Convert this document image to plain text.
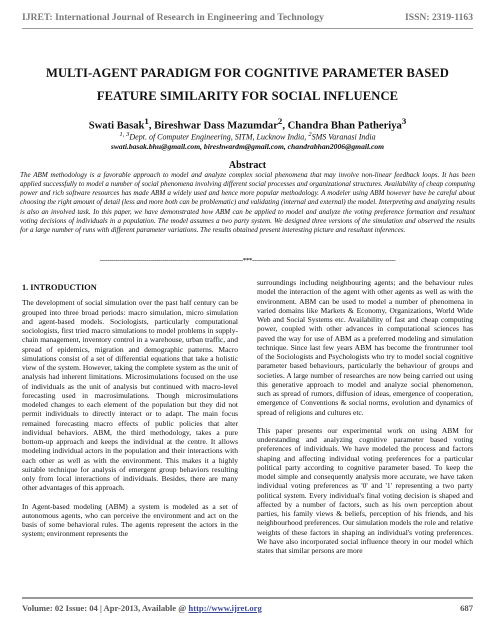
IJRET: International Journal of Research in Engineering and Technology	ISSN: 2319-1163
MULTI-AGENT PARADIGM FOR COGNITIVE PARAMETER BASED
FEATURE SIMILARITY FOR SOCIAL INFLUENCE
Swati Basak$^1$, Bireshwar Dass Mazumdar$^2$, Chandra Bhan Patheriya$^3$
$^{1, 3}$Dept. of Computer Engineering, SITM, Lucknow India, $^2$SMS Varanasi India
swati.basak.bhu@gmail.com, bireshwardm@gmail.com, chandrabhan2006@gmail.com
Abstract
The ABM methodology is a favorable approach to model and analyze complex social phenomena that may involve non-linear feedback loops. It has been applied successfully to model a number of social phenomena involving different social processes and organizational structures. Availability of cheap computing power and rich software resources has made ABM a widely used and hence more popular methodology. A modeler using ABM however have be careful about choosing the right amount of detail (less and more both can be problematic) and validating (internal and external) the model. Interpreting and analyzing results is also an involved task. In this paper, we have demonstrated how ABM can be applied to model and analyze the voting preference formation and resultant voting decisions of individuals in a population. The model assumes a two party system. We designed three versions of the simulation and observed the results for a large number of runs with different parameter variations. The results obtained present interesting picture and resultant inferences.
-------------------------------------------------------------------------***-------------------------------------------------------------------------
1. INTRODUCTION

The development of social simulation over the past half century can be grouped into three broad periods: macro simulation, micro simulation and agent-based models. Sociologists, particularly computational sociologists, first tried macro simulations to model problems in supply-chain management, inventory control in a warehouse, urban traffic, and spread of epidemics, migration and demographic patterns. Macro simulations consist of a set of differential equations that take a holistic view of the system. However, taking the complete system as the unit of analysis had inherent limitations. Microsimulations focused on the use of individuals as the unit of analysis but continued with macro-level forecasting used in macrosimulations. Though microsimulations modeled changes to each element of the population but they did not permit individuals to directly interact or to adapt. The main focus remained forecasting macro effects of public policies that alter individual behaviors. ABM, the third methodology, takes a pure bottom-up approach and keeps the individual at the centre. It allows modeling individual actors in the population and their interactions with each other as well as with the environment. This makes it a highly suitable technique for analysis of emergent group behaviors resulting only from local interactions of individuals. Besides, there are many other advantages of this approach.

In Agent-based modeling (ABM) a system is modeled as a set of autonomous agents, who can perceive the environment and act on the basis of some behavioral rules. The agents represent the actors in the system; environment represents the

surroundings including neighbouring agents; and the behaviour rules model the interaction of the agent with other agents as well as with the environment. ABM can be used to model a number of phenomena in varied domains like Markets & Economy, Organizations, World Wide Web and Social Systems etc. Availability of fast and cheap computing power, coupled with other advances in computational sciences has paved the way for use of ABM as a preferred modeling and simulation technique. Since last few years ABM has become the frontrunner tool of the Sociologists and Psychologists who try to model social cognitive parameter based behaviours, particularly the behaviour of groups and societies. A large number of researches are now being carried out using this generative approach to model and analyze social phenomenon, such as spread of rumors, diffusion of ideas, emergence of cooperation, emergence of Conventions & social norms, evolution and dynamics of spread of religions and cultures etc.

This paper presents our experimental work on using ABM for understanding and analyzing cognitive parameter based voting preferences of individuals. We have modeled the process and factors shaping and affecting individual voting preferences for a particular political party according to cognitive parameter based. To keep the model simple and consequently analysis more accurate, we have taken individual voting preferences as '0' and '1' representing a two party political system. Every individual's final voting decision is shaped and affected by a number of factors, such as his own perception about parties, his family views & beliefs, perception of his friends, and his neighbourhood preferences. Our simulation models the role and relative weights of these factors in shaping an individual's voting preferences. We have also incorporated social influence theory in our model which states that similar persons are more

Volume: 02 Issue: 04 | Apr-2013, Available @ http://www.ijret.org	687
